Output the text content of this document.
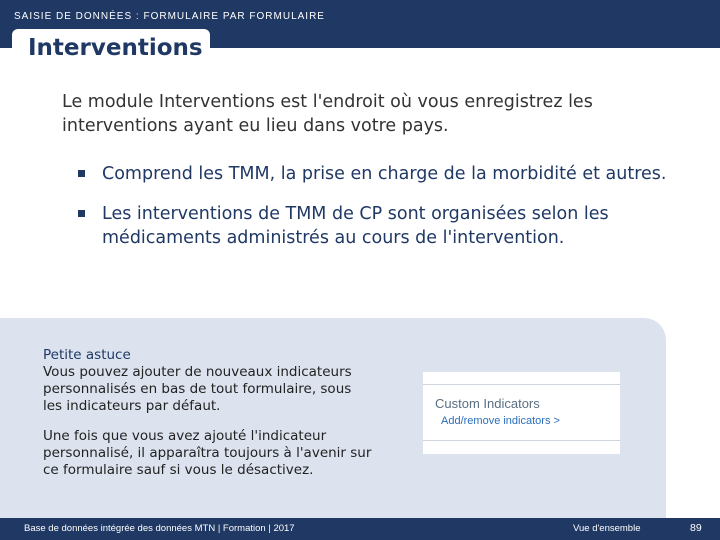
SAISIE DE DONNÉES : FORMULAIRE PAR FORMULAIRE
Interventions
Le module Interventions est l'endroit où vous enregistrez les interventions ayant eu lieu dans votre pays.
Comprend les TMM, la prise en charge de la morbidité et autres.
Les interventions de TMM de CP sont organisées selon les médicaments administrés au cours de l'intervention.
Petite astuce
Vous pouvez ajouter de nouveaux indicateurs personnalisés en bas de tout formulaire, sous les indicateurs par défaut.
Une fois que vous avez ajouté l'indicateur personnalisé, il apparaîtra toujours à l'avenir sur ce formulaire sauf si vous le désactivez.
Custom Indicators
Add/remove indicators >
Base de données intégrée des données MTN | Formation | 2017	Vue d'ensemble	89
